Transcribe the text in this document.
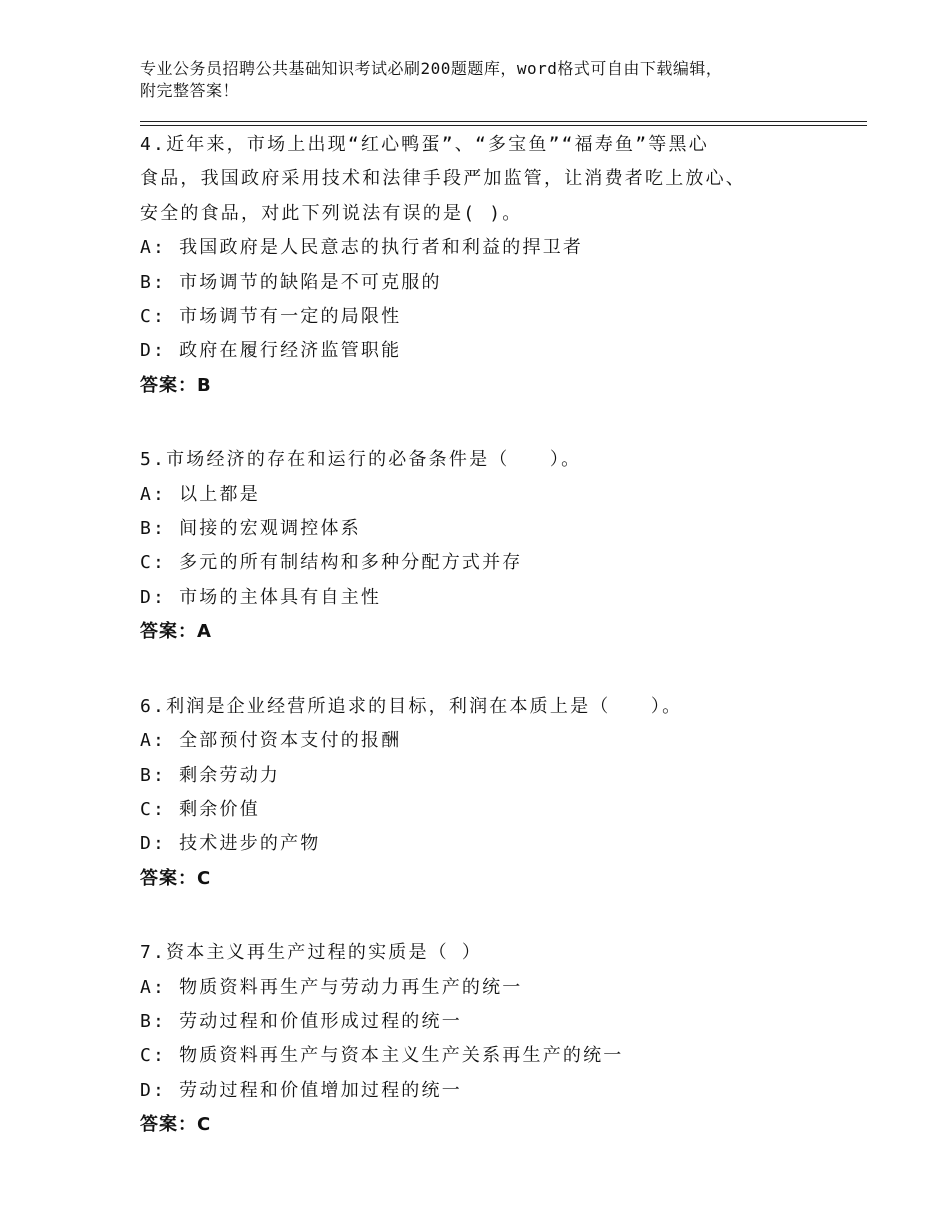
专业公务员招聘公共基础知识考试必刷200题题库，word格式可自由下载编辑，
附完整答案！
4.近年来，市场上出现“红心鸭蛋”、“多宝鱼”“福寿鱼”等黑心
食品，我国政府采用技术和法律手段严加监管，让消费者吃上放心、
安全的食品，对此下列说法有误的是( )。
A: 我国政府是人民意志的执行者和利益的捍卫者
B: 市场调节的缺陷是不可克服的
C: 市场调节有一定的局限性
D: 政府在履行经济监管职能
答案：B
5.市场经济的存在和运行的必备条件是（　　）。
A: 以上都是
B: 间接的宏观调控体系
C: 多元的所有制结构和多种分配方式并存
D: 市场的主体具有自主性
答案：A
6.利润是企业经营所追求的目标，利润在本质上是（　　）。
A: 全部预付资本支付的报酬
B: 剩余劳动力
C: 剩余价值
D: 技术进步的产物
答案：C
7.资本主义再生产过程的实质是（ ）
A: 物质资料再生产与劳动力再生产的统一
B: 劳动过程和价值形成过程的统一
C: 物质资料再生产与资本主义生产关系再生产的统一
D: 劳动过程和价值增加过程的统一
答案：C
